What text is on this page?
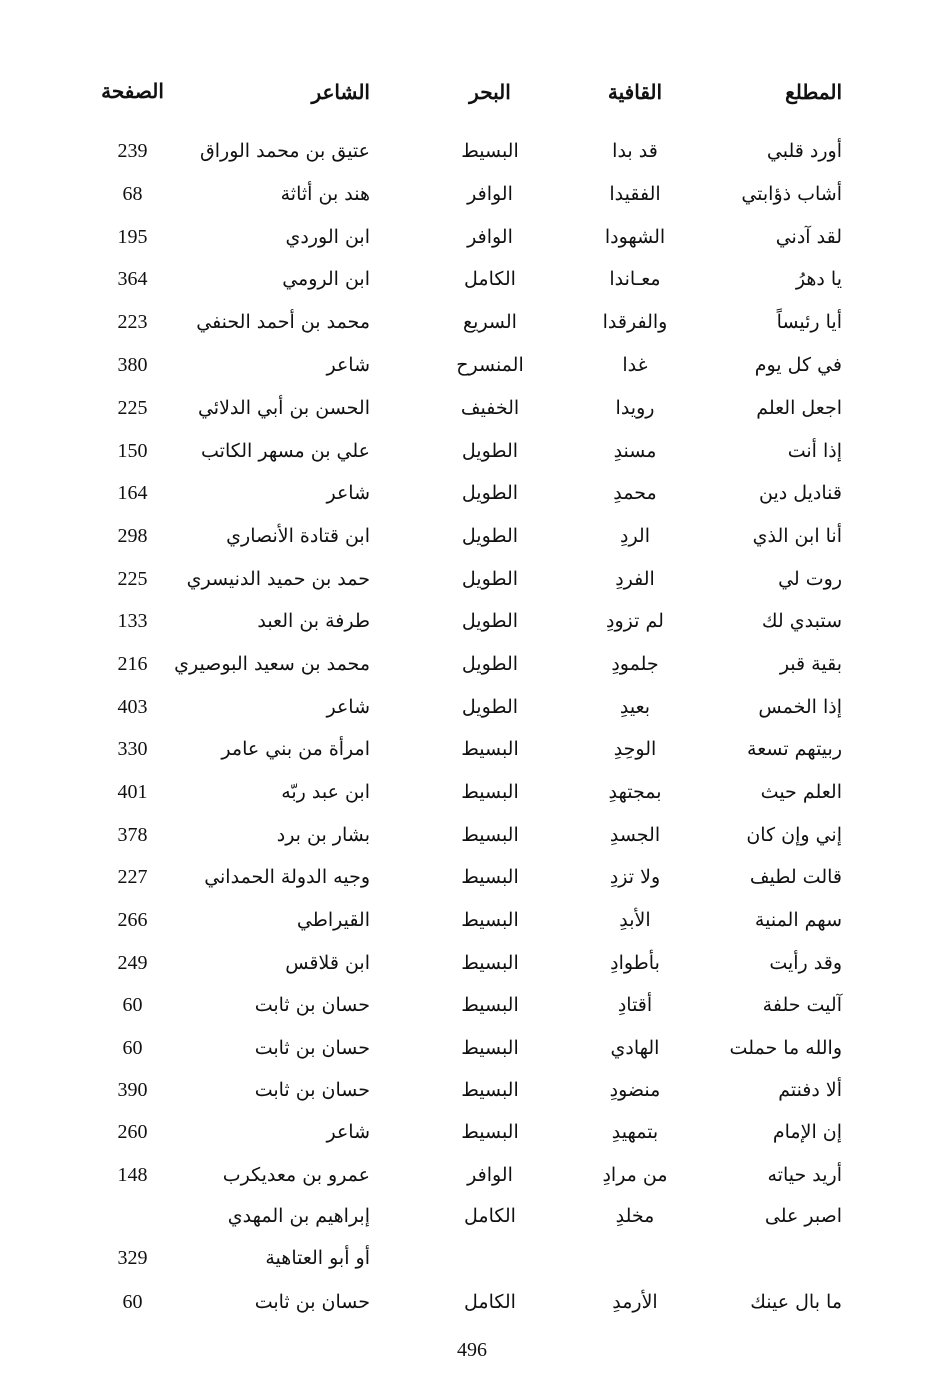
المطلع
القافية
البحر
الشاعر
الصفحة
أورد قلبي
قد بدا
البسيط
عتيق بن محمد الوراق
239
أشاب ذؤابتي
الفقيدا
الوافر
هند بن أثاثة
68
لقد آدني
الشهودا
الوافر
ابن الوردي
195
يا دهرُ
معـاندا
الكامل
ابن الرومي
364
أيا رئيساً
والفرقدا
السريع
محمد بن أحمد الحنفي
223
في كل يوم
غدا
المنسرح
شاعر
380
اجعل العلم
رويدا
الخفيف
الحسن بن أبي الدلائي
225
إذا أنت
مسندِ
الطويل
علي بن مسهر الكاتب
150
قناديل دين
محمدِ
الطويل
شاعر
164
أنا ابن الذي
الردِ
الطويل
ابن قتادة الأنصاري
298
روت لي
الفردِ
الطويل
حمد بن حميد الدنيسري
225
ستبدي لك
لم تزودِ
الطويل
طرفة بن العبد
133
بقية قبر
جلمودِ
الطويل
محمد بن سعيد البوصيري
216
إذا الخمس
بعيدِ
الطويل
شاعر
403
ربيتهم تسعة
الوحِدِ
البسيط
امرأة من بني عامر
330
العلم حيث
بمجتهدِ
البسيط
ابن عبد ربّه
401
إني وإن كان
الجسدِ
البسيط
بشار بن برد
378
قالت لطيف
ولا تزدِ
البسيط
وجيه الدولة الحمداني
227
سهم المنية
الأبدِ
البسيط
القيراطي
266
وقد رأيت
بأطوادِ
البسيط
ابن قلاقس
249
آليت حلفة
أقتادِ
البسيط
حسان بن ثابت
60
والله ما حملت
الهادي
البسيط
حسان بن ثابت
60
ألا دفنتم
منضودِ
البسيط
حسان بن ثابت
390
إن الإمام
بتمهيدِ
البسيط
شاعر
260
أريد حياته
من مرادِ
الوافر
عمرو بن معديكرب
148
اصبر على
مخلدِ
الكامل
إبراهيم بن المهدي
أو أبو العتاهية
329
ما بال عينك
الأرمدِ
الكامل
حسان بن ثابت
60
496
